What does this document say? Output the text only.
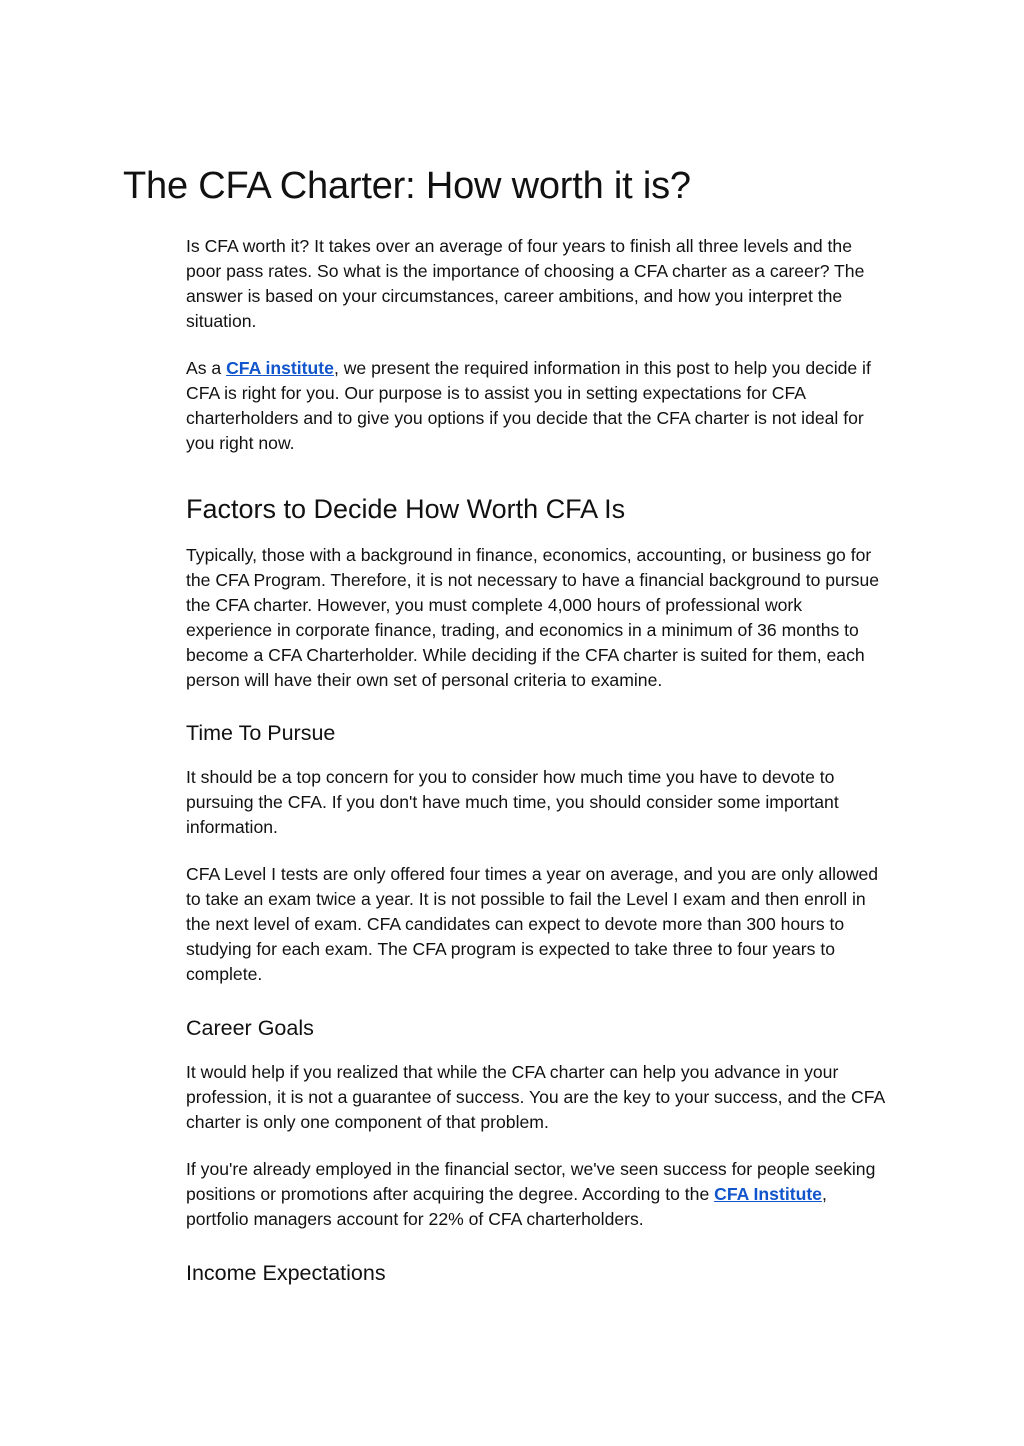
The CFA Charter: How worth it is?

Is CFA worth it? It takes over an average of four years to finish all three levels and the poor pass rates. So what is the importance of choosing a CFA charter as a career? The answer is based on your circumstances, career ambitions, and how you interpret the situation.

As a CFA institute, we present the required information in this post to help you decide if CFA is right for you. Our purpose is to assist you in setting expectations for CFA charterholders and to give you options if you decide that the CFA charter is not ideal for you right now.

Factors to Decide How Worth CFA Is

Typically, those with a background in finance, economics, accounting, or business go for the CFA Program. Therefore, it is not necessary to have a financial background to pursue the CFA charter. However, you must complete 4,000 hours of professional work experience in corporate finance, trading, and economics in a minimum of 36 months to become a CFA Charterholder. While deciding if the CFA charter is suited for them, each person will have their own set of personal criteria to examine.

Time To Pursue

It should be a top concern for you to consider how much time you have to devote to pursuing the CFA. If you don't have much time, you should consider some important information.

CFA Level I tests are only offered four times a year on average, and you are only allowed to take an exam twice a year. It is not possible to fail the Level I exam and then enroll in the next level of exam. CFA candidates can expect to devote more than 300 hours to studying for each exam. The CFA program is expected to take three to four years to complete.

Career Goals

It would help if you realized that while the CFA charter can help you advance in your profession, it is not a guarantee of success. You are the key to your success, and the CFA charter is only one component of that problem.

If you're already employed in the financial sector, we've seen success for people seeking positions or promotions after acquiring the degree. According to the CFA Institute, portfolio managers account for 22% of CFA charterholders.

Income Expectations
